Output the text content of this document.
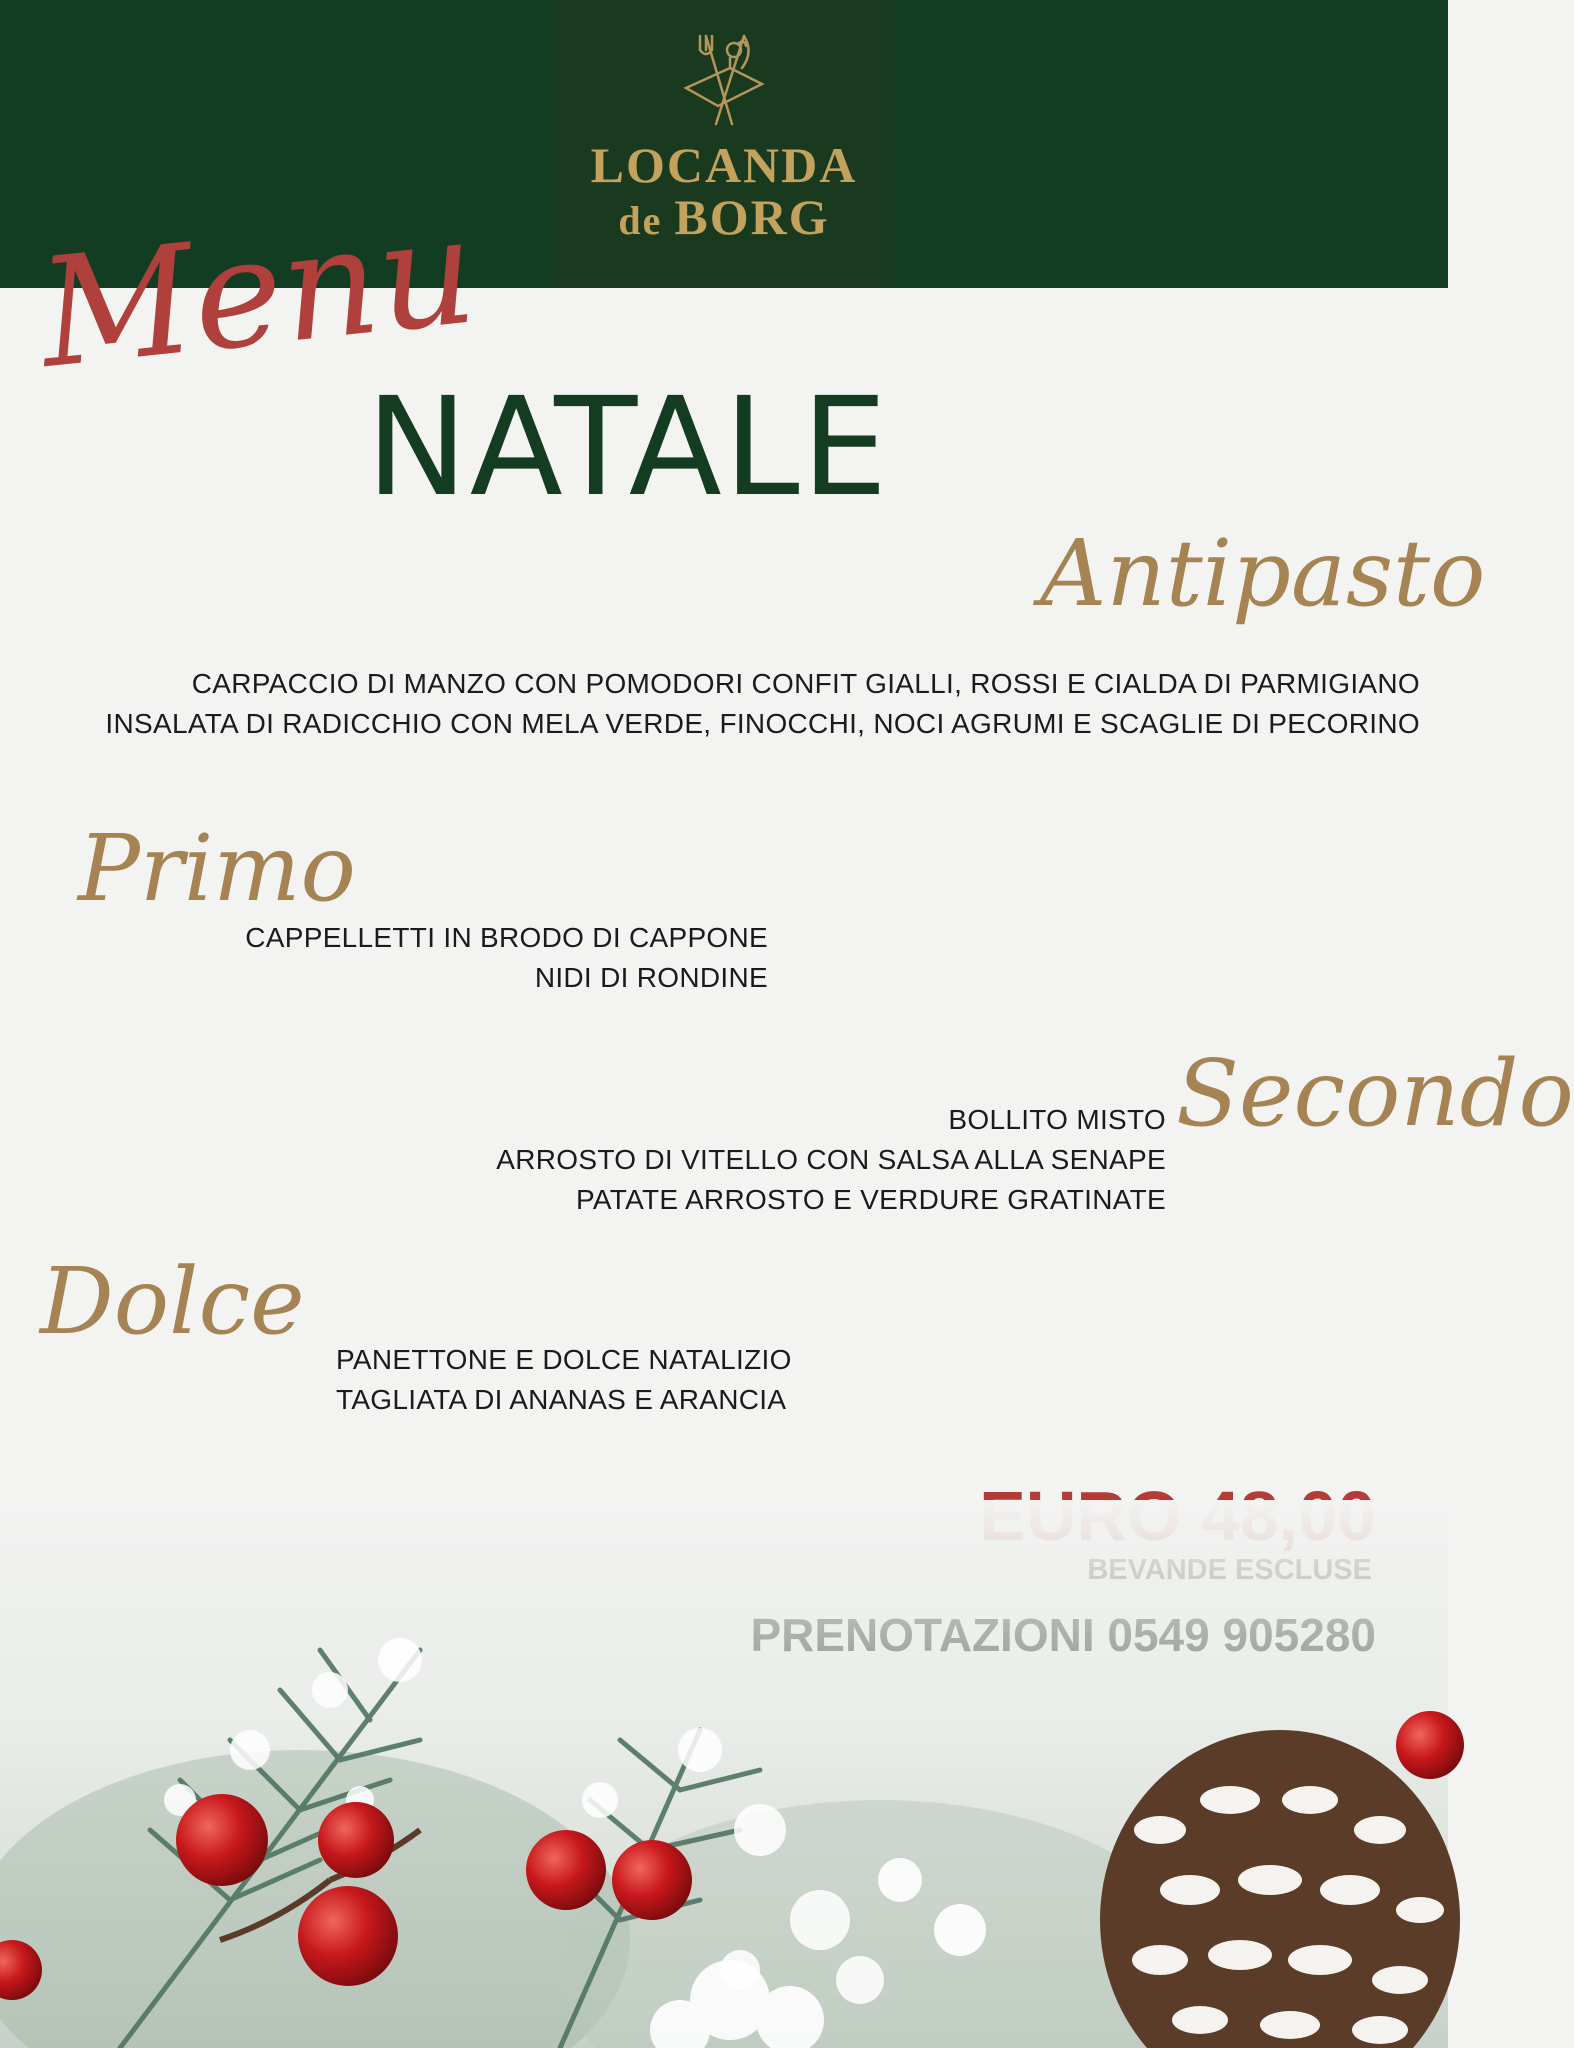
LOCANDA
de BORG
Menu
NATALE
Antipasto
CARPACCIO DI MANZO CON POMODORI CONFIT GIALLI, ROSSI E CIALDA DI PARMIGIANO
INSALATA DI RADICCHIO CON MELA VERDE, FINOCCHI, NOCI AGRUMI E SCAGLIE DI PECORINO
Primo
CAPPELLETTI IN BRODO DI CAPPONE
NIDI DI RONDINE
Secondo
BOLLITO MISTO
ARROSTO DI VITELLO CON SALSA ALLA SENAPE
PATATE ARROSTO E VERDURE GRATINATE
Dolce
PANETTONE E DOLCE NATALIZIO
TAGLIATA DI ANANAS E ARANCIA
